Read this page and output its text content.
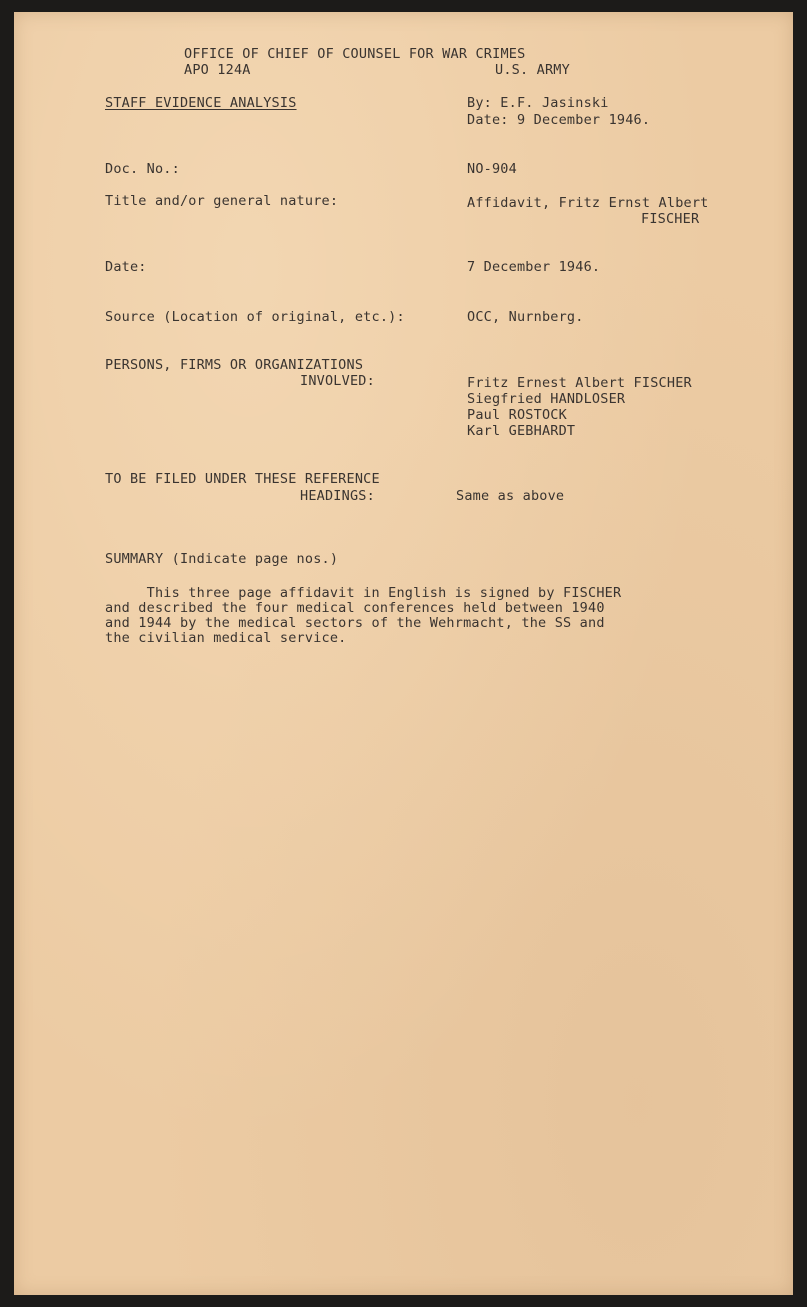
OFFICE OF CHIEF OF COUNSEL FOR WAR CRIMES
APO 124A	U.S. ARMY
STAFF EVIDENCE ANALYSIS	By: E.F. Jasinski
Date: 9 December 1946.
Doc. No.:	NO-904
Title and/or general nature:	Affidavit, Fritz Ernst Albert
FISCHER
Date:	7 December 1946.
Source (Location of original, etc.):	OCC, Nurnberg.
PERSONS, FIRMS OR ORGANIZATIONS
INVOLVED:	Fritz Ernest Albert FISCHER
Siegfried HANDLOSER
Paul ROSTOCK
Karl GEBHARDT
TO BE FILED UNDER THESE REFERENCE
HEADINGS:	Same as above
SUMMARY (Indicate page nos.)
This three page affidavit in English is signed by FISCHER
and described the four medical conferences held between 1940
and 1944 by the medical sectors of the Wehrmacht, the SS and
the civilian medical service.
